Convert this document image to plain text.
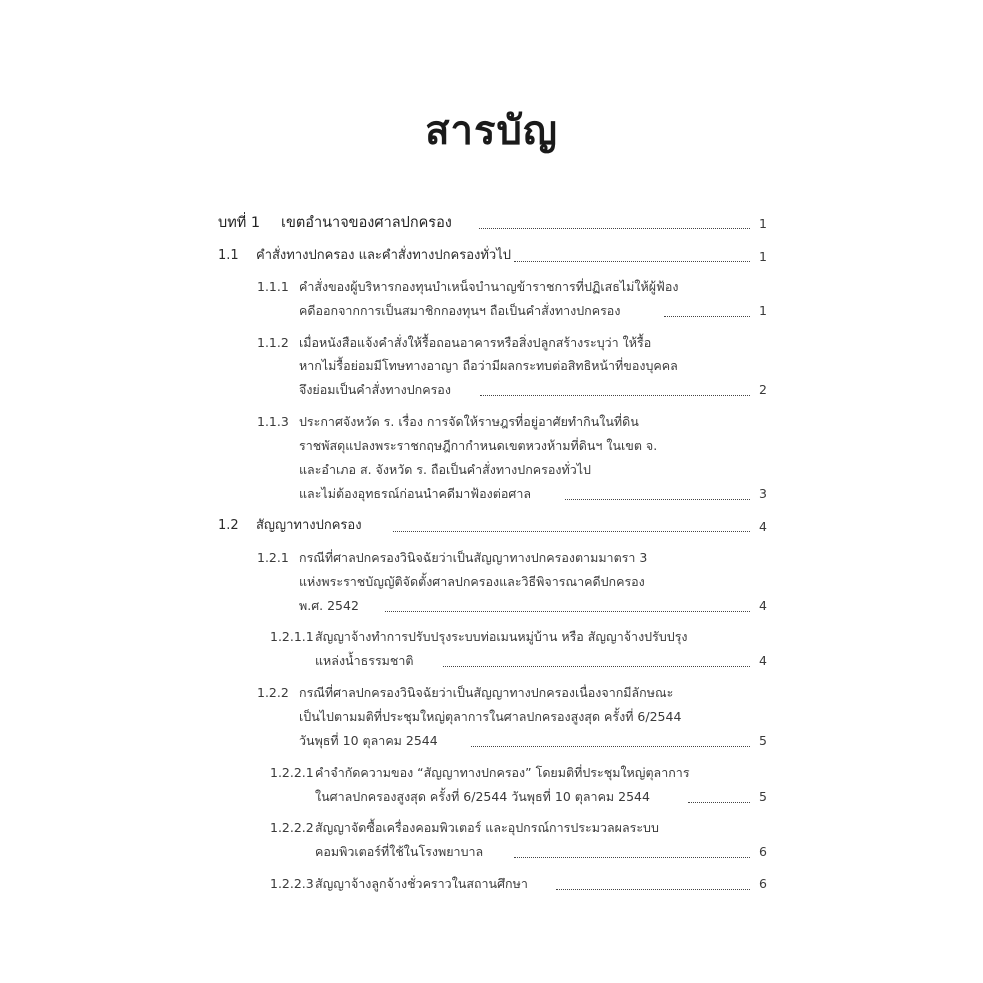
สารบัญ
บทที่ 1 เขตอำนาจของศาลปกครอง	1
1.1 คำสั่งทางปกครอง และคำสั่งทางปกครองทั่วไป	1
1.1.1 คำสั่งของผู้บริหารกองทุนบำเหน็จบำนาญข้าราชการที่ปฏิเสธไม่ให้ผู้ฟ้อง
คดีออกจากการเป็นสมาชิกกองทุนฯ ถือเป็นคำสั่งทางปกครอง	1
1.1.2 เมื่อหนังสือแจ้งคำสั่งให้รื้อถอนอาคารหรือสิ่งปลูกสร้างระบุว่า ให้รื้อ
หากไม่รื้อย่อมมีโทษทางอาญา ถือว่ามีผลกระทบต่อสิทธิหน้าที่ของบุคคล
จึงย่อมเป็นคำสั่งทางปกครอง	2
1.1.3 ประกาศจังหวัด ร. เรื่อง การจัดให้ราษฎรที่อยู่อาศัยทำกินในที่ดิน
ราชพัสดุแปลงพระราชกฤษฎีกากำหนดเขตหวงห้ามที่ดินฯ ในเขต จ.
และอำเภอ ส. จังหวัด ร. ถือเป็นคำสั่งทางปกครองทั่วไป
และไม่ต้องอุทธรณ์ก่อนนำคดีมาฟ้องต่อศาล	3
1.2 สัญญาทางปกครอง	4
1.2.1 กรณีที่ศาลปกครองวินิจฉัยว่าเป็นสัญญาทางปกครองตามมาตรา 3
แห่งพระราชบัญญัติจัดตั้งศาลปกครองและวิธีพิจารณาคดีปกครอง
พ.ศ. 2542	4
1.2.1.1 สัญญาจ้างทำการปรับปรุงระบบท่อเมนหมู่บ้าน หรือ สัญญาจ้างปรับปรุง
แหล่งน้ำธรรมชาติ	4
1.2.2 กรณีที่ศาลปกครองวินิจฉัยว่าเป็นสัญญาทางปกครองเนื่องจากมีลักษณะ
เป็นไปตามมติที่ประชุมใหญ่ตุลาการในศาลปกครองสูงสุด ครั้งที่ 6/2544
วันพุธที่ 10 ตุลาคม 2544	5
1.2.2.1 คำจำกัดความของ “สัญญาทางปกครอง” โดยมติที่ประชุมใหญ่ตุลาการ
ในศาลปกครองสูงสุด ครั้งที่ 6/2544 วันพุธที่ 10 ตุลาคม 2544	5
1.2.2.2 สัญญาจัดซื้อเครื่องคอมพิวเตอร์ และอุปกรณ์การประมวลผลระบบ
คอมพิวเตอร์ที่ใช้ในโรงพยาบาล	6
1.2.2.3 สัญญาจ้างลูกจ้างชั่วคราวในสถานศึกษา	6
